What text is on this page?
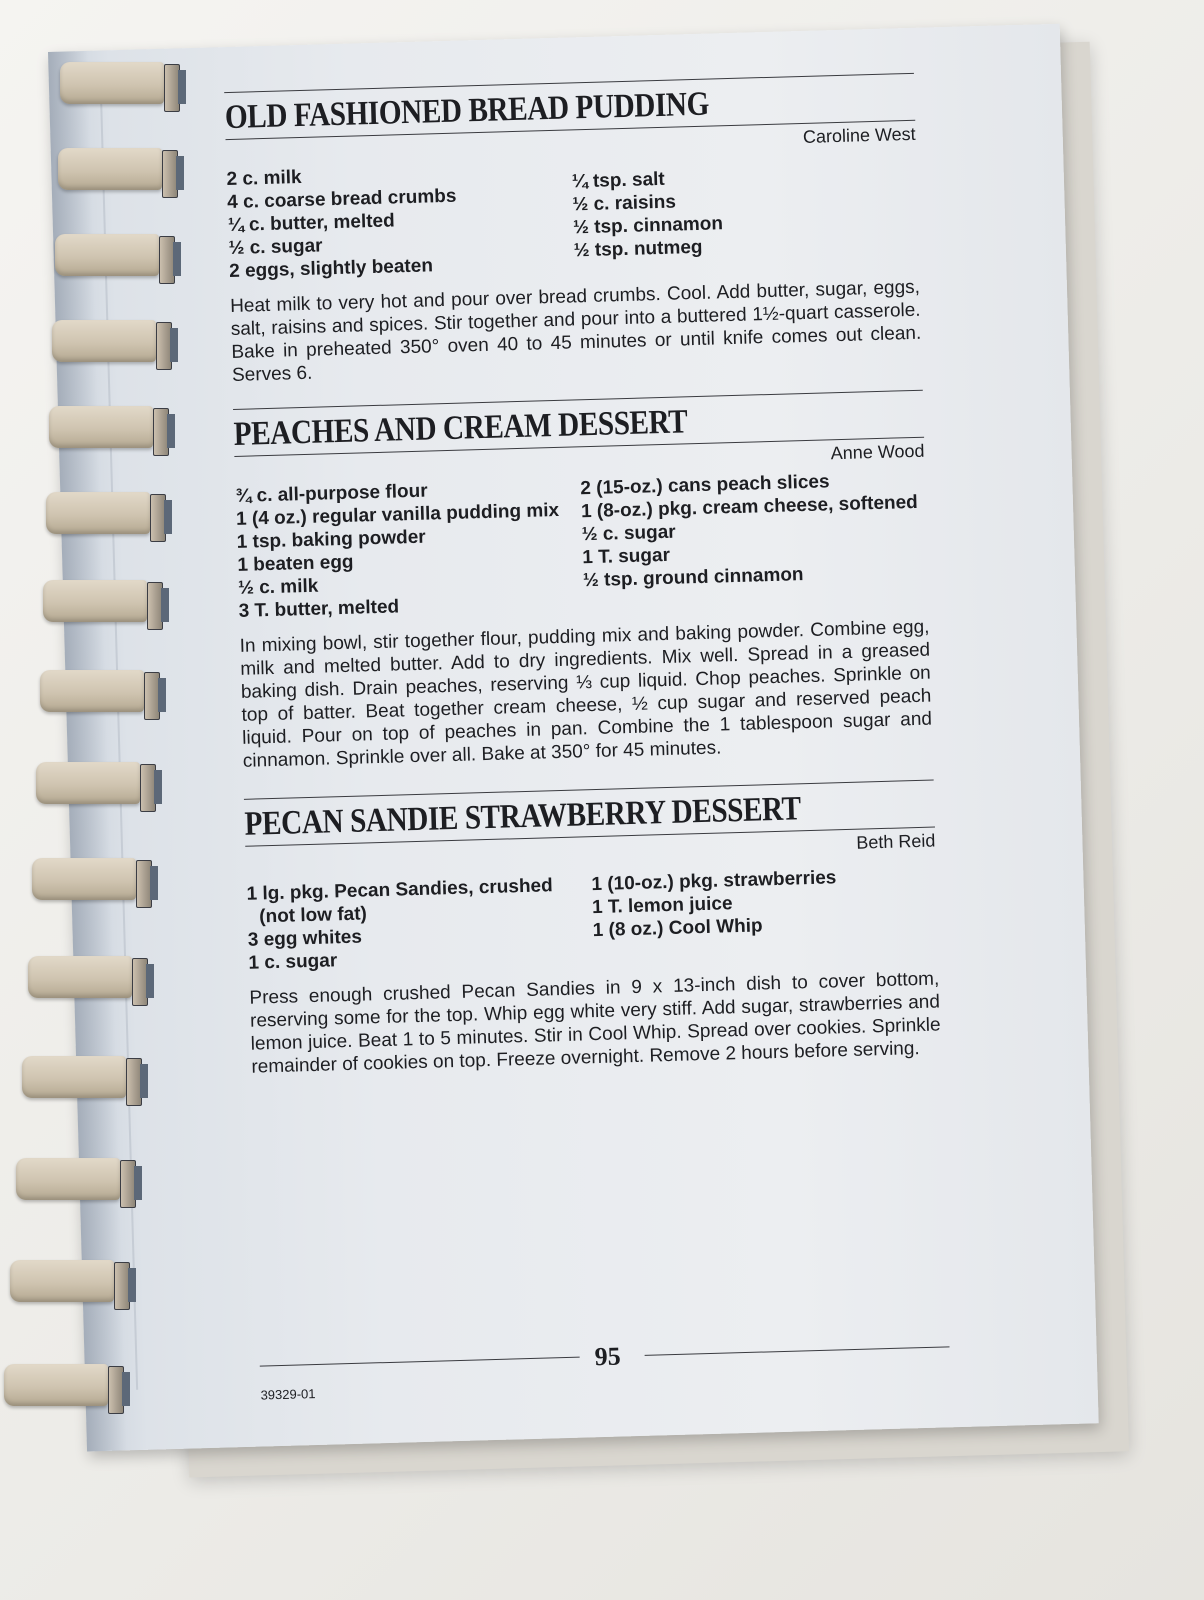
OLD FASHIONED BREAD PUDDING	Caroline West
2 c. milk
4 c. coarse bread crumbs
¼ c. butter, melted
½ c. sugar
2 eggs, slightly beaten
¼ tsp. salt
½ c. raisins
½ tsp. cinnamon
½ tsp. nutmeg
Heat milk to very hot and pour over bread crumbs. Cool. Add butter, sugar, eggs, salt, raisins and spices. Stir together and pour into a buttered 1½-quart casserole. Bake in preheated 350° oven 40 to 45 minutes or until knife comes out clean. Serves 6.
PEACHES AND CREAM DESSERT	Anne Wood
¾ c. all-purpose flour
1 (4 oz.) regular vanilla pudding mix
1 tsp. baking powder
1 beaten egg
½ c. milk
3 T. butter, melted
2 (15-oz.) cans peach slices
1 (8-oz.) pkg. cream cheese, softened
½ c. sugar
1 T. sugar
½ tsp. ground cinnamon
In mixing bowl, stir together flour, pudding mix and baking powder. Combine egg, milk and melted butter. Add to dry ingredients. Mix well. Spread in a greased baking dish. Drain peaches, reserving ⅓ cup liquid. Chop peaches. Sprinkle on top of batter. Beat together cream cheese, ½ cup sugar and reserved peach liquid. Pour on top of peaches in pan. Combine the 1 tablespoon sugar and cinnamon. Sprinkle over all. Bake at 350° for 45 minutes.
PECAN SANDIE STRAWBERRY DESSERT	Beth Reid
1 lg. pkg. Pecan Sandies, crushed (not low fat)
3 egg whites
1 c. sugar
1 (10-oz.) pkg. strawberries
1 T. lemon juice
1 (8 oz.) Cool Whip
Press enough crushed Pecan Sandies in 9 x 13-inch dish to cover bottom, reserving some for the top. Whip egg white very stiff. Add sugar, strawberries and lemon juice. Beat 1 to 5 minutes. Stir in Cool Whip. Spread over cookies. Sprinkle remainder of cookies on top. Freeze overnight. Remove 2 hours before serving.
95
39329-01
